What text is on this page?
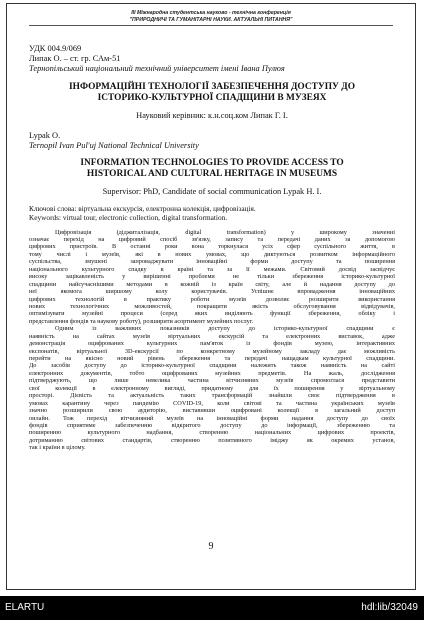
ІІІ Міжнародна студентська науково - технічна конференція
"ПРИРОДНИЧІ ТА ГУМАНІТАРНІ НАУКИ. АКТУАЛЬНІ ПИТАННЯ"
УДК 004.9/069
Липак О. – ст. гр. САм-51
Тернопільський національний технічний університет імені Івана Пулюя
ІНФОРМАЦІЙНІ ТЕХНОЛОГІЇ ЗАБЕЗПЕЧЕННЯ ДОСТУПУ ДО
ІСТОРИКО-КУЛЬТУРНОЇ СПАДЩИНИ В МУЗЕЯХ
Науковий керівник: к.н.соц.ком Липак Г. І.
Lypak O.
Ternopil Ivan Pul'uj National Technical University
INFORMATION TECHNOLOGIES TO PROVIDE ACCESS TO
HISTORICAL AND CULTURAL HERITAGE IN MUSEUMS
Supervisor: PhD, Candidate of social communication Lypak H. I.
Ключові слова: віртуальна екскурсія, електронна колекція, цифровізація.
Keywords: virtual tour, electronic collection, digital transformation.

Цифровізація (діджиталізація, digital transformation) у широкому значенні
означає перехід на цифровий спосіб зв'язку, запису та передачі даних за допомогою
цифрових пристроїв. В останні роки вона торкнулася усіх сфер суспільного життя, в
тому числі і музеїв, які в нових умовах, що диктуються розвитком інформаційного
суспільства, змушені запроваджувати інноваційні форми доступу та поширення
національного культурного спадку в країні та за її межами. Світовий досвід засвідчує
високу зацікавленість у вирішенні проблеми не тільки збереження історико-культурної
спадщини найсучаснішими методами в кожній із країн світу, але й надання доступу до
неї якомога ширшому колу користувачів. Успішне впровадження інноваційних
цифрових технологій в практику роботи музеїв дозволяє розширити використання
нових технологічних можливостей, покращити якість обслуговування відвідувачів,
оптимізувати музейні процеси (серед яких виділяють функції збереження, обліку і
представлення фондів та наукову роботу), розширити асортимент музейних послуг.

Одним із важливих показників доступу до історико-культурної спадщини є
наявність на сайтах музеїв віртуальних екскурсій та електронних виставок, адже
демонстрація оцифрованих культурних пам'яток із фондів музею, інтерактивних
експонатів, віртуальної 3D-екскурсії по конкретному музейному закладу дає можливість
перейти на якісно новий рівень збереження та передачі нащадкам культурної спадщини.
До засобів доступу до історико-культурної спадщини належить також наявність на сайті
електронних документів, тобто оцифрованих музейних предметів. На жаль, дослідження
підтверджують, що лише невелика частина вітчизняних музеїв спромоглася представити
свої колекції в електронному вигляді, придатному для їх поширення у віртуальному
просторі. Дієвість та актуальність таких трансформацій знайшли своє підтвердження в
умовах карантину через пандемію COVID-19, коли світові та частина українських музеїв
значно розширили свою аудиторію, виставивши оцифровані колекції в загальний доступ
онлайн. Тож перехід вітчизняний музеїв на інноваційні форми надання доступу до своїх
фондів сприятиме забезпеченню відкритого доступу до інформації, збереженню та
поширенню культурного надбання, створенню національних цифрових проектів,
дотриманню світових стандартів, створенню позитивного іміджу як окремих установ,
так і країни в цілому.

9
ELARTU	hdl:lib/32049
